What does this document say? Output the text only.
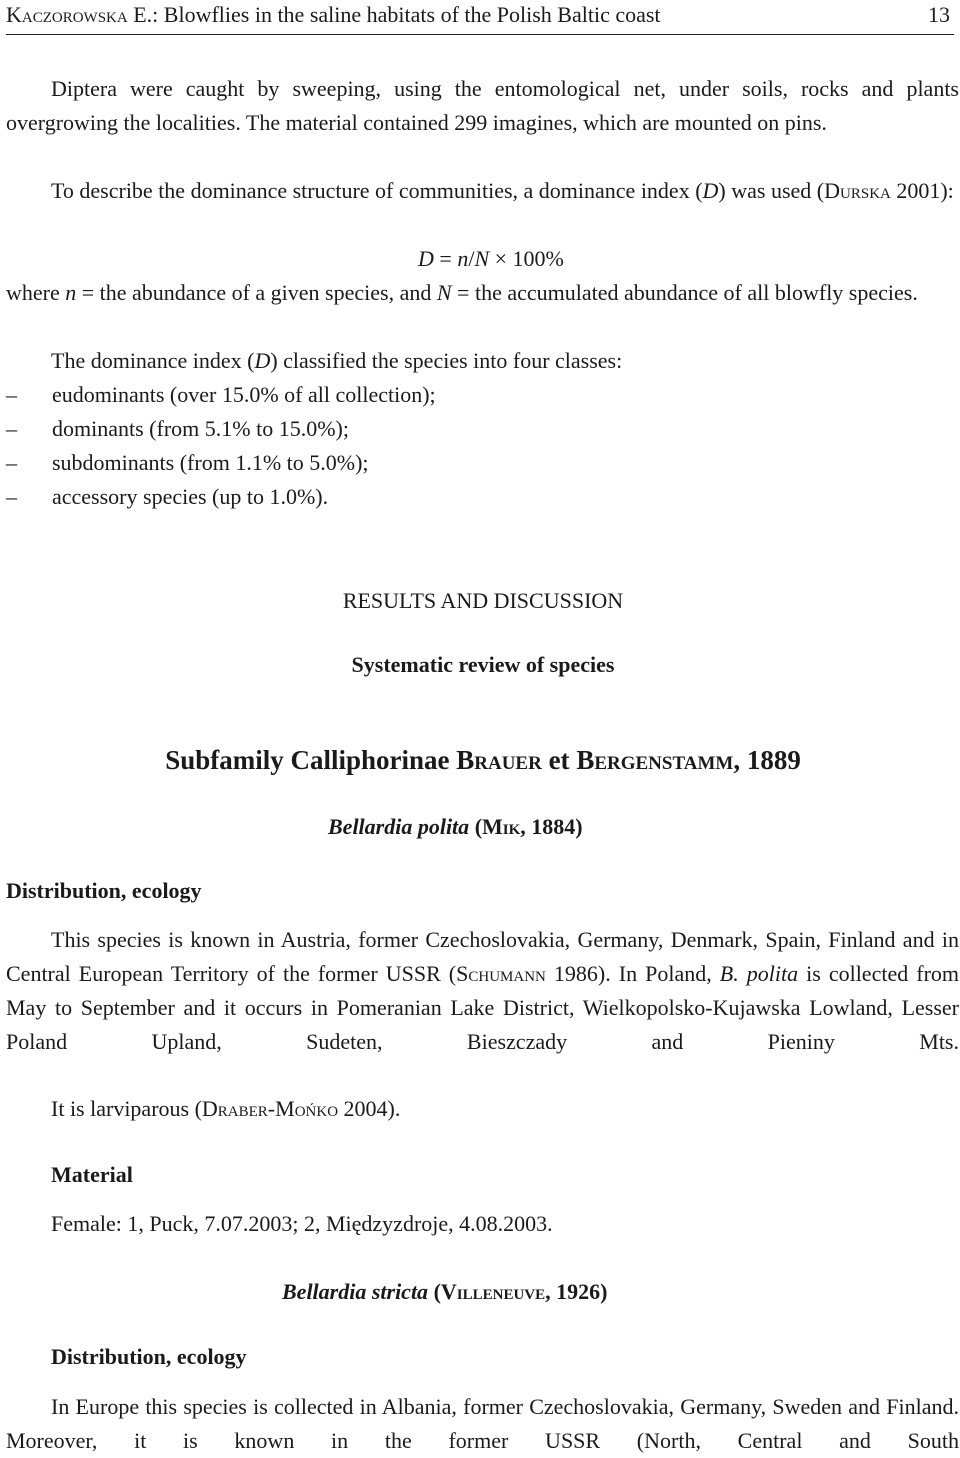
Kaczorowska E.: Blowflies in the saline habitats of the Polish Baltic coast	13

Diptera were caught by sweeping, using the entomological net, under soils, rocks and plants overgrowing the localities. The material contained 299 imagines, which are mounted on pins.

To describe the dominance structure of communities, a dominance index (D) was used (Durska 2001):

D = n/N × 100%

where n = the abundance of a given species, and N = the accumulated abundance of all blowfly species.

The dominance index (D) classified the species into four classes:
– eudominants (over 15.0% of all collection);
– dominants (from 5.1% to 15.0%);
– subdominants (from 1.1% to 5.0%);
– accessory species (up to 1.0%).
RESULTS AND DISCUSSION
Systematic review of species
Subfamily Calliphorinae Brauer et Bergenstamm, 1889
Bellardia polita (Mik, 1884)
Distribution, ecology

This species is known in Austria, former Czechoslovakia, Germany, Denmark, Spain, Finland and in Central European Territory of the former USSR (Schumann 1986). In Poland, B. polita is collected from May to September and it occurs in Pomeranian Lake District, Wielkopolsko-Kujawska Lowland, Lesser Poland Upland, Sudeten, Bieszczady and Pieniny Mts.

It is larviparous (Draber-Mońko 2004).
Material
Female: 1, Puck, 7.07.2003; 2, Międzyzdroje, 4.08.2003.
Bellardia stricta (Villeneuve, 1926)
Distribution, ecology

In Europe this species is collected in Albania, former Czechoslovakia, Germany, Sweden and Finland. Moreover, it is known in the former USSR (North, Central and South
